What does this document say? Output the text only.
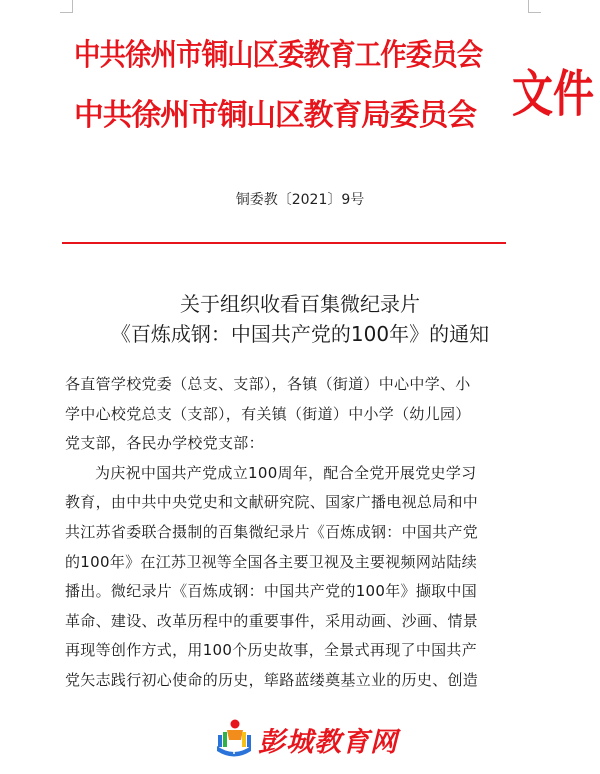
中共徐州市铜山区委教育工作委员会
中共徐州市铜山区教育局委员会 文件
铜委教〔2021〕9号
关于组织收看百集微纪录片
《百炼成钢：中国共产党的100年》的通知

各直管学校党委（总支、支部），各镇（街道）中心中学、小
学中心校党总支（支部），有关镇（街道）中小学（幼儿园）
党支部，各民办学校党支部：

为庆祝中国共产党成立100周年，配合全党开展党史学习
教育，由中共中央党史和文献研究院、国家广播电视总局和中
共江苏省委联合摄制的百集微纪录片《百炼成钢：中国共产党
的100年》在江苏卫视等全国各主要卫视及主要视频网站陆续
播出。微纪录片《百炼成钢：中国共产党的100年》撷取中国
革命、建设、改革历程中的重要事件，采用动画、沙画、情景
再现等创作方式，用100个历史故事，全景式再现了中国共产
党矢志践行初心使命的历史，筚路蓝缕奠基立业的历史、创造

彭城教育网
